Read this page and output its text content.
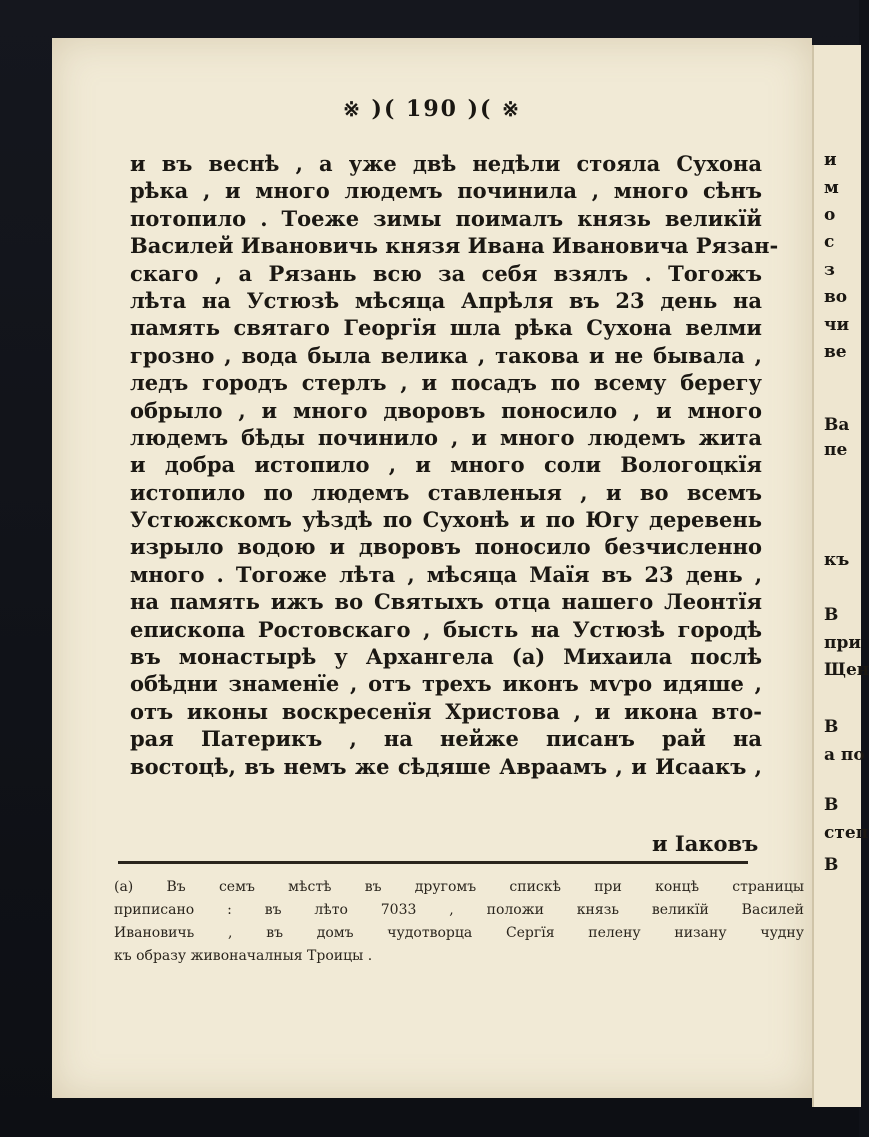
и
м
о
с
з
во
чи
ве
Ва
пе
къ
В
при
Щен
В
а по
В
степ
В
※ )( 190 )( ※
и въ веснѣ , а уже двѣ недѣли стояла Сухона
рѣка , и много людемъ починила , много сѣнъ
потопило . Тоеже зимы поималъ князь великїй
Василей Ивановичь князя Ивана Ивановича Рязан-
скаго , а Рязань всю за себя взялъ . Тогожъ
лѣта на Устюзѣ мѣсяца Апрѣля въ 23 день на
память святаго Георгїя шла рѣка Сухона велми
грозно , вода была велика , такова и не бывала ,
ледъ городъ стерлъ , и посадъ по всему берегу
обрыло , и много дворовъ поносило , и много
людемъ бѣды починило , и много людемъ жита
и добра истопило , и много соли Вологоцкїя
истопило по людемъ ставленыя , и во всемъ
Устюжскомъ уѣздѣ по Сухонѣ и по Югу деревень
изрыло водою и дворовъ поносило безчисленно
много . Тогоже лѣта , мѣсяца Маїя въ 23 день ,
на память ижъ во Святыхъ отца нашего Леонтїя
епископа Ростовскаго , бысть на Устюзѣ городѣ
въ монастырѣ у Архангела (а) Михаила послѣ
обѣдни знаменїе , отъ трехъ иконъ мѵро идяше ,
отъ иконы воскресенїя Христова , и икона вто-
рая Патерикъ , на нейже писанъ рай на
востоцѣ, въ немъ же сѣдяше Авраамъ , и Исаакъ ,
и Іаковъ
(а) Въ семъ мѣстѣ въ другомъ спискѣ при концѣ страницы
приписано : въ лѣто 7033 , положи князь великїй Василей
Ивановичь , въ домъ чудотворца Сергїя пелену низану чудну
къ образу живоначалныя Троицы .
